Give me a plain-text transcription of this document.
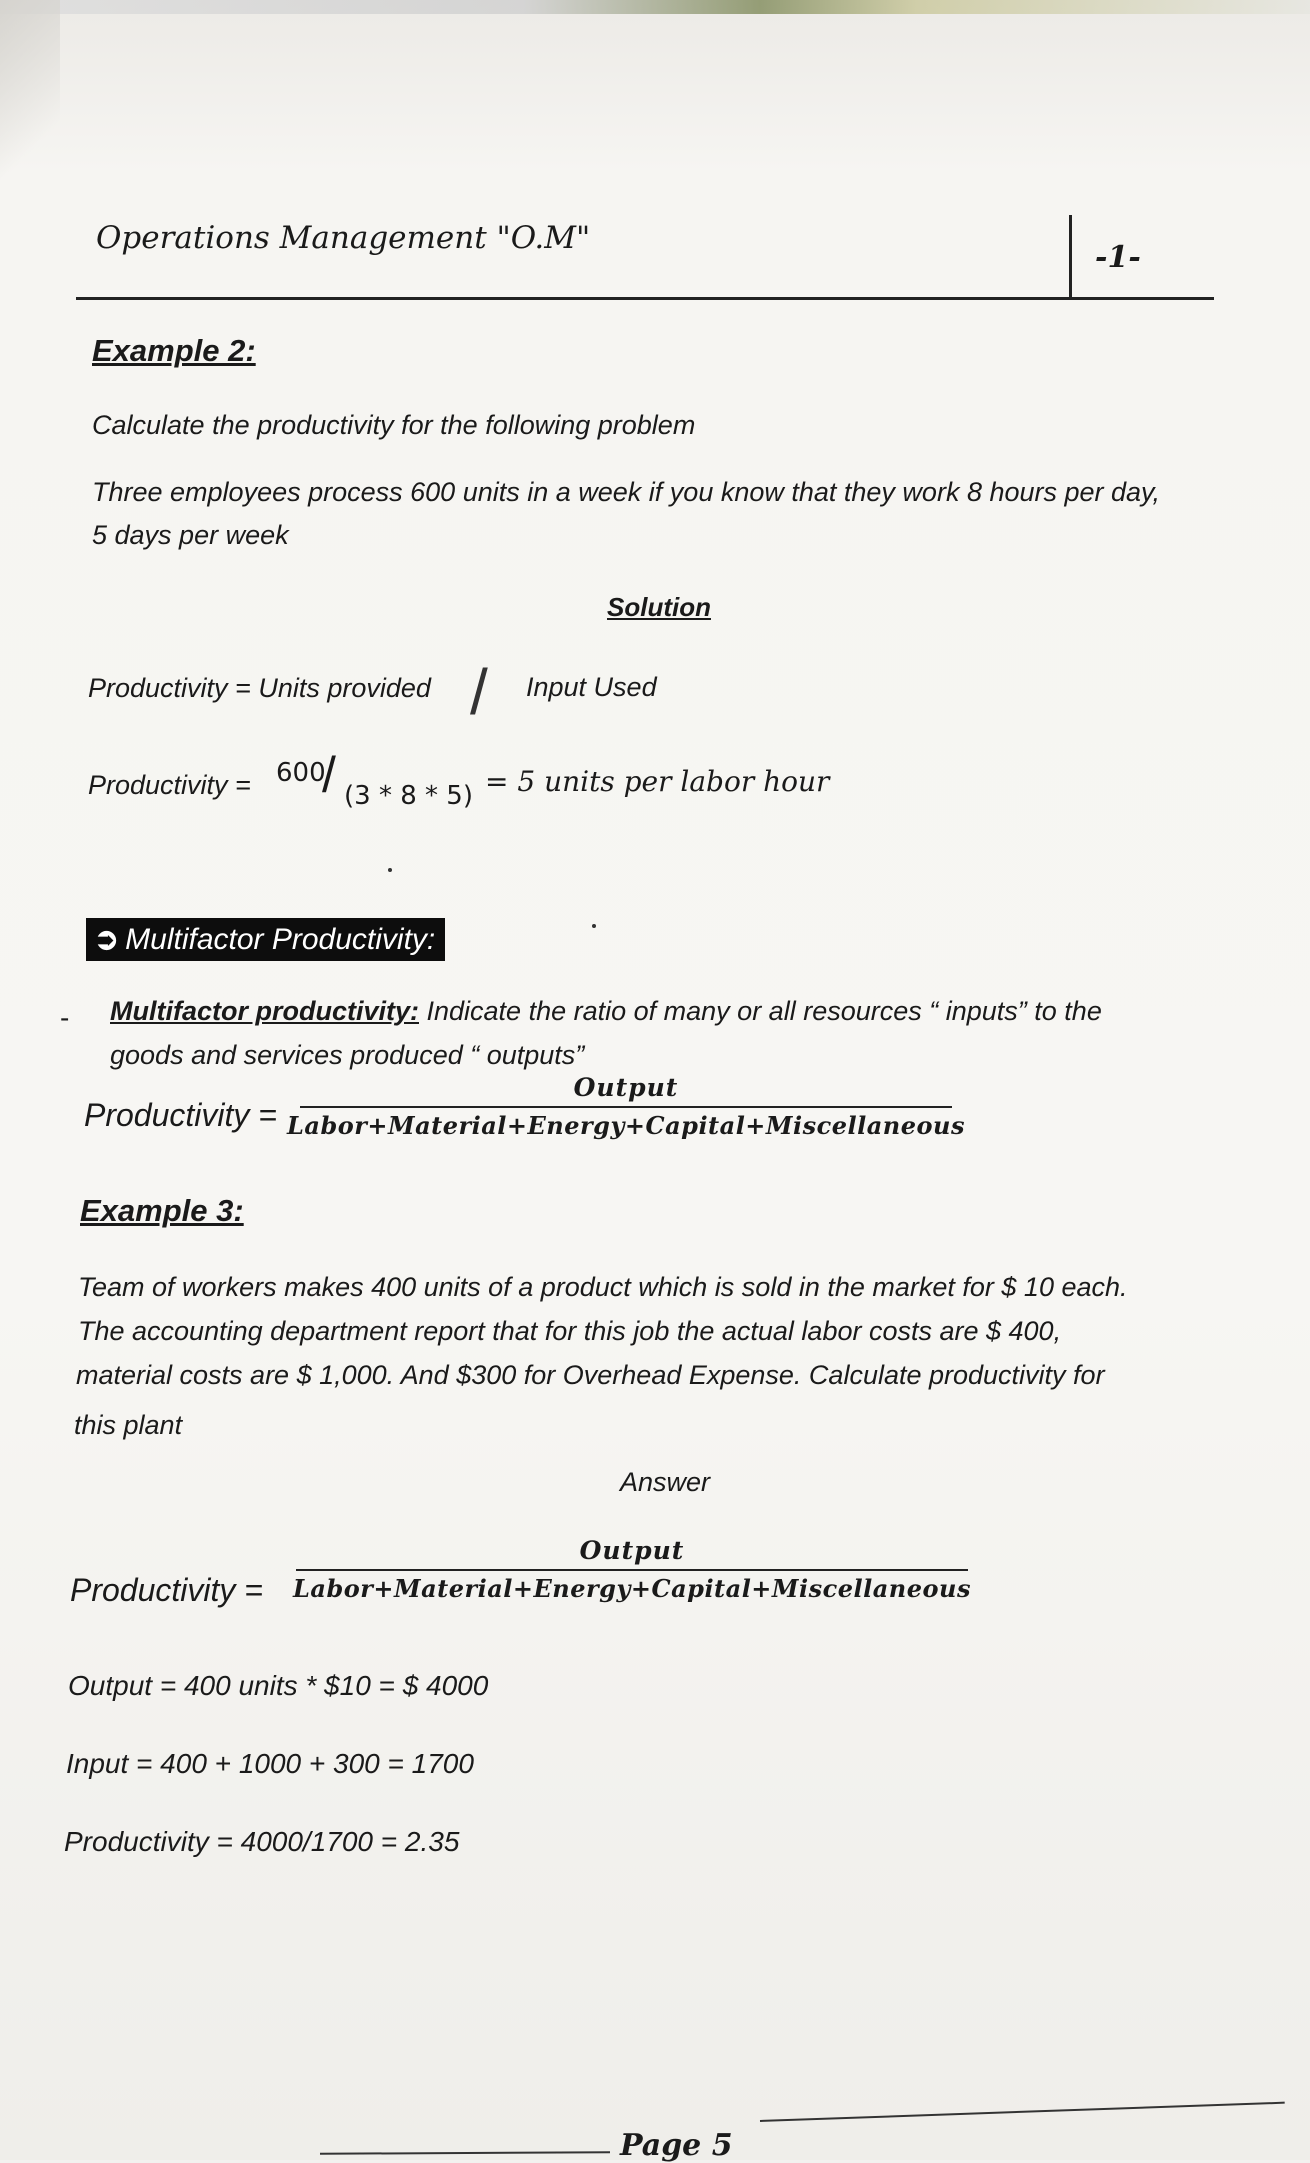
Operations Management "O.M"
-1-
Example 2:
Calculate the productivity for the following problem
Three employees process 600 units in a week if you know that they work 8 hours per day,
5 days per week
Solution
Productivity = Units provided / Input Used
Productivity = 600
/ (3 * 8 * 5) = 5 units per labor hour
➲ Multifactor Productivity:
- Multifactor productivity: Indicate the ratio of many or all resources “ inputs” to the
goods and services produced “ outputs”
Productivity =
Output
Labor+Material+Energy+Capital+Miscellaneous
Example 3:
Team of workers makes 400 units of a product which is sold in the market for $ 10 each.
The accounting department report that for this job the actual labor costs are $ 400,
material costs are $ 1,000. And $300 for Overhead Expense. Calculate productivity for
this plant
Answer
Productivity =
Output
Labor+Material+Energy+Capital+Miscellaneous
Output = 400 units * $10 = $ 4000
Input = 400 + 1000 + 300 = 1700
Productivity = 4000/1700 = 2.35
Page 5
